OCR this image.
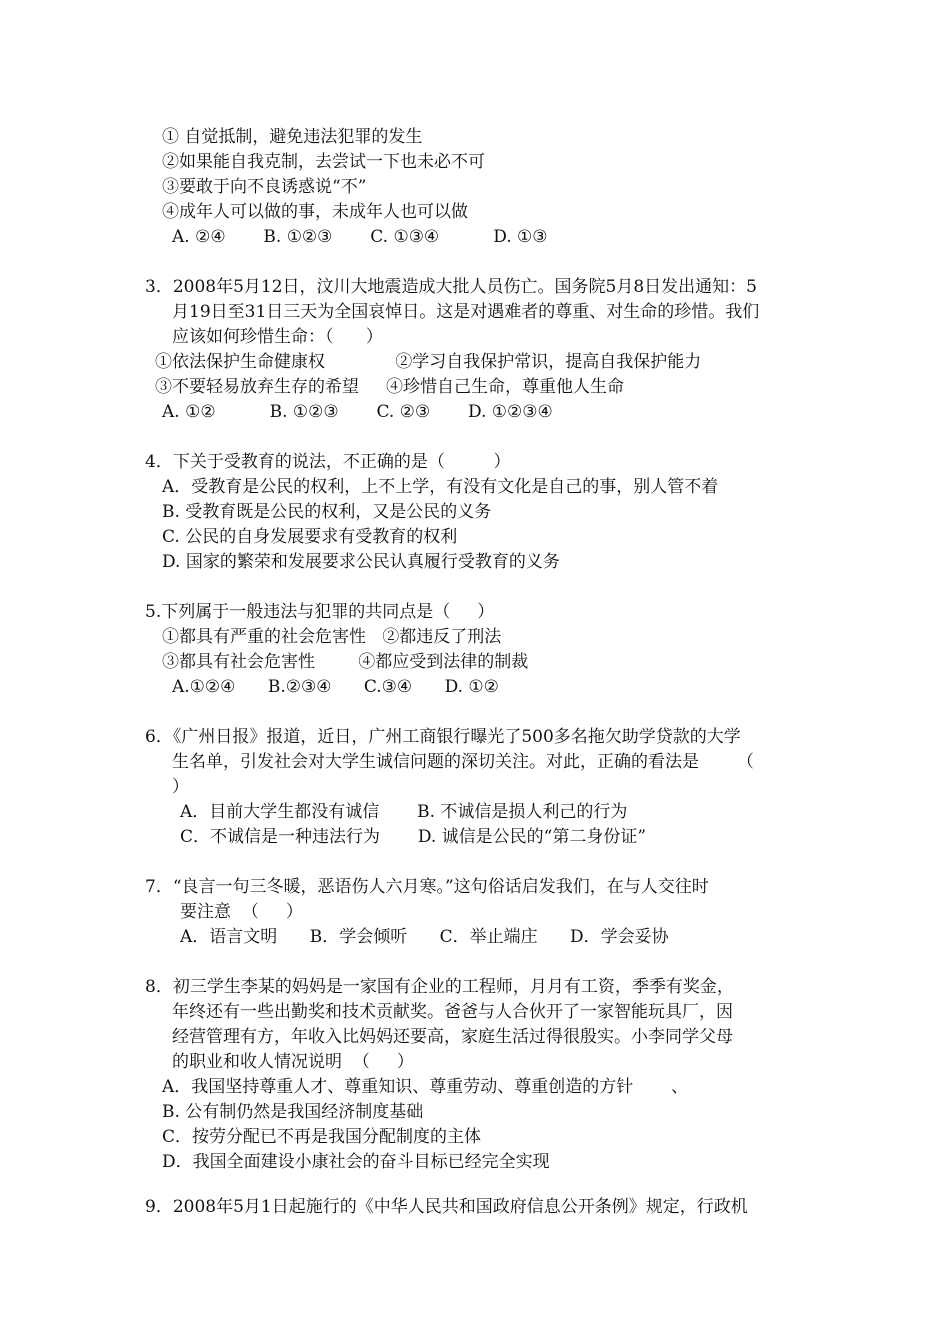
① 自觉抵制，避免违法犯罪的发生
②如果能自我克制，去尝试一下也未必不可
③要敢于向不良诱惑说“不”
④成年人可以做的事，未成年人也可以做
A. ②④       B. ①②③       C. ①③④          D. ①③
3．2008年5月12日，汶川大地震造成大批人员伤亡。国务院5月8日发出通知：5
月19日至31日三天为全国哀悼日。这是对遇难者的尊重、对生命的珍惜。我们
应该如何珍惜生命：（      ）
①依法保护生命健康权             ②学习自我保护常识，提高自我保护能力
③不要轻易放弃生存的希望     ④珍惜自己生命，尊重他人生命
A. ①②          B. ①②③       C. ②③       D. ①②③④
4．下关于受教育的说法，不正确的是（         ）
A．受教育是公民的权利，上不上学，有没有文化是自己的事，别人管不着
B. 受教育既是公民的权利，又是公民的义务
C. 公民的自身发展要求有受教育的权利
D. 国家的繁荣和发展要求公民认真履行受教育的义务
5.下列属于一般违法与犯罪的共同点是（     ）
①都具有严重的社会危害性   ②都违反了刑法
③都具有社会危害性        ④都应受到法律的制裁
A.①②④      B.②③④      C.③④      D. ①②
6．《广州日报》报道，近日，广州工商银行曝光了500多名拖欠助学贷款的大学
生名单，引发社会对大学生诚信问题的深切关注。对此，正确的看法是       （
）
A．目前大学生都没有诚信       B. 不诚信是损人利己的行为
C．不诚信是一种违法行为       D. 诚信是公民的“第二身份证”
7．“良言一句三冬暖，恶语伤人六月寒。”这句俗话启发我们，在与人交往时
要注意  （     ）
A．语言文明      B．学会倾听      C．举止端庄      D．学会妥协
8．初三学生李某的妈妈是一家国有企业的工程师，月月有工资，季季有奖金，
年终还有一些出勤奖和技术贡献奖。爸爸与人合伙开了一家智能玩具厂，因
经营管理有方，年收入比妈妈还要高，家庭生活过得很殷实。小李同学父母
的职业和收人情况说明  （     ）
A．我国坚持尊重人才、尊重知识、尊重劳动、尊重创造的方针       、
B. 公有制仍然是我国经济制度基础
C．按劳分配已不再是我国分配制度的主体
D．我国全面建设小康社会的奋斗目标已经完全实现
9．2008年5月1日起施行的《中华人民共和国政府信息公开条例》规定，行政机
